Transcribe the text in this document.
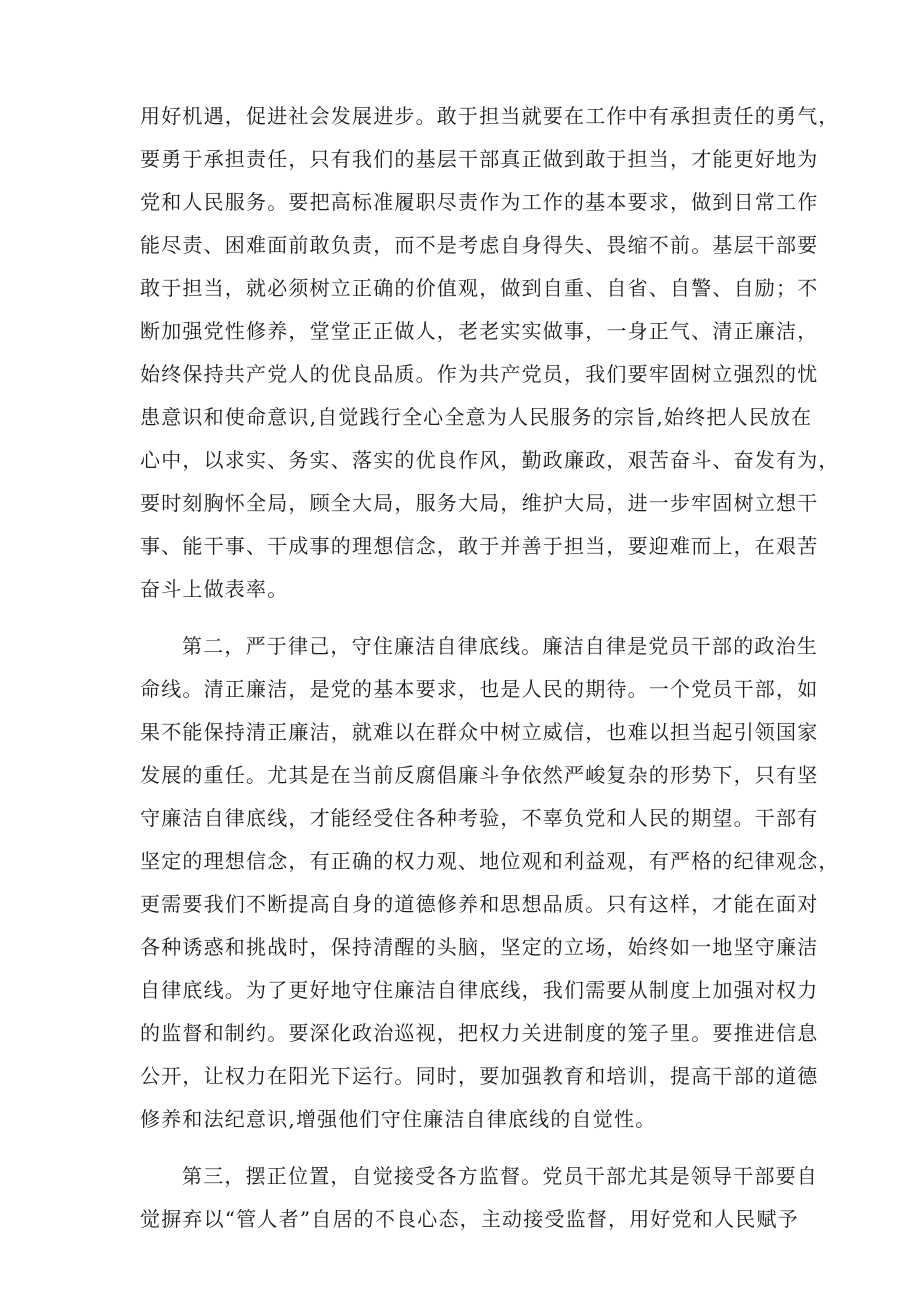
用好机遇，促进社会发展进步。敢于担当就要在工作中有承担责任的勇气，
要勇于承担责任，只有我们的基层干部真正做到敢于担当，才能更好地为
党和人民服务。要把高标准履职尽责作为工作的基本要求，做到日常工作
能尽责、困难面前敢负责，而不是考虑自身得失、畏缩不前。基层干部要
敢于担当，就必须树立正确的价值观，做到自重、自省、自警、自励；不
断加强党性修养，堂堂正正做人，老老实实做事，一身正气、清正廉洁，
始终保持共产党人的优良品质。作为共产党员，我们要牢固树立强烈的忧
患意识和使命意识,自觉践行全心全意为人民服务的宗旨,始终把人民放在
心中，以求实、务实、落实的优良作风，勤政廉政，艰苦奋斗、奋发有为，
要时刻胸怀全局，顾全大局，服务大局，维护大局，进一步牢固树立想干
事、能干事、干成事的理想信念，敢于并善于担当，要迎难而上，在艰苦
奋斗上做表率。
第二，严于律己，守住廉洁自律底线。廉洁自律是党员干部的政治生
命线。清正廉洁，是党的基本要求，也是人民的期待。一个党员干部，如
果不能保持清正廉洁，就难以在群众中树立威信，也难以担当起引领国家
发展的重任。尤其是在当前反腐倡廉斗争依然严峻复杂的形势下，只有坚
守廉洁自律底线，才能经受住各种考验，不辜负党和人民的期望。干部有
坚定的理想信念，有正确的权力观、地位观和利益观，有严格的纪律观念，
更需要我们不断提高自身的道德修养和思想品质。只有这样，才能在面对
各种诱惑和挑战时，保持清醒的头脑，坚定的立场，始终如一地坚守廉洁
自律底线。为了更好地守住廉洁自律底线，我们需要从制度上加强对权力
的监督和制约。要深化政治巡视，把权力关进制度的笼子里。要推进信息
公开，让权力在阳光下运行。同时，要加强教育和培训，提高干部的道德
修养和法纪意识,增强他们守住廉洁自律底线的自觉性。
第三，摆正位置，自觉接受各方监督。党员干部尤其是领导干部要自
觉摒弃以“管人者”自居的不良心态，主动接受监督，用好党和人民赋予
